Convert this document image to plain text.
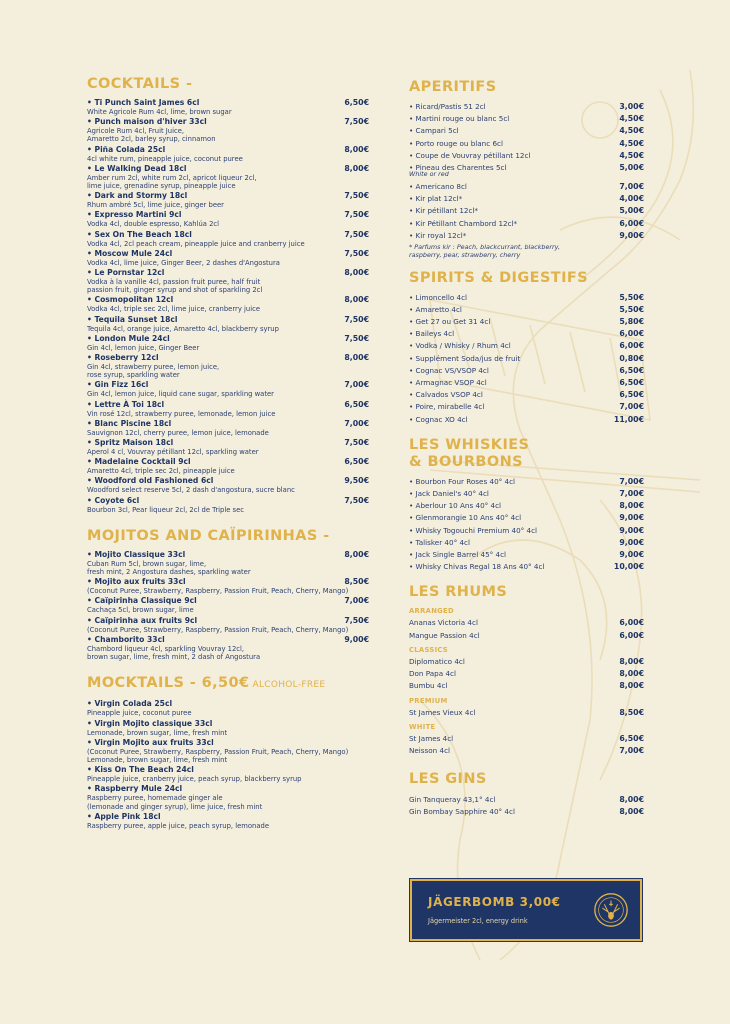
COCKTAILS -
• Ti Punch Saint James 6cl	6,50€
White Agricole Rum 4cl, lime, brown sugar
• Punch maison d'hiver 33cl	7,50€
Agricole Rum 4cl, Fruit Juice,
Amaretto 2cl, barley syrup, cinnamon
• Piña Colada 25cl	8,00€
4cl white rum, pineapple juice, coconut puree
• Le Walking Dead 18cl	8,00€
Amber rum 2cl, white rum 2cl, apricot liqueur 2cl,
lime juice, grenadine syrup, pineapple juice
• Dark and Stormy 18cl	7,50€
Rhum ambré 5cl, lime juice, ginger beer
• Expresso Martini 9cl	7,50€
Vodka 4cl, double espresso, Kahlúa 2cl
• Sex On The Beach 18cl	7,50€
Vodka 4cl, 2cl peach cream, pineapple juice and cranberry juice
• Moscow Mule 24cl	7,50€
Vodka 4cl, lime juice, Ginger Beer, 2 dashes d'Angostura
• Le Pornstar 12cl	8,00€
Vodka à la vanille 4cl, passion fruit puree, half fruit
passion fruit, ginger syrup and shot of sparkling 2cl
• Cosmopolitan 12cl	8,00€
Vodka 4cl, triple sec 2cl, lime juice, cranberry juice
• Tequila Sunset 18cl	7,50€
Tequila 4cl, orange juice, Amaretto 4cl, blackberry syrup
• London Mule 24cl	7,50€
Gin 4cl, lemon juice, Ginger Beer
• Roseberry 12cl	8,00€
Gin 4cl, strawberry puree, lemon juice,
rose syrup, sparkling water
• Gin Fizz 16cl	7,00€
Gin 4cl, lemon juice, liquid cane sugar, sparkling water
• Lettre À Toi 18cl	6,50€
Vin rosé 12cl, strawberry puree, lemonade, lemon juice
• Blanc Piscine 18cl	7,00€
Sauvignon 12cl, cherry puree, lemon juice, lemonade
• Spritz Maison 18cl	7,50€
Aperol 4 cl, Vouvray pétillant 12cl, sparkling water
• Madelaine Cocktail 9cl	6,50€
Amaretto 4cl, triple sec 2cl, pineapple juice
• Woodford old Fashioned 6cl	9,50€
Woodford select reserve 5cl, 2 dash d'angostura, sucre blanc
• Coyote 6cl	7,50€
Bourbon 3cl, Pear liqueur 2cl, 2cl de Triple sec
MOJITOS AND CAÏPIRINHAS -
• Mojito Classique 33cl	8,00€
Cuban Rum 5cl, brown sugar, lime,
fresh mint, 2 Angostura dashes, sparkling water
• Mojito aux fruits 33cl	8,50€
(Coconut Puree, Strawberry, Raspberry, Passion Fruit, Peach, Cherry, Mango)
• Caïpirinha Classique 9cl	7,00€
Cachaça 5cl, brown sugar, lime
• Caïpirinha aux fruits 9cl	7,50€
(Coconut Puree, Strawberry, Raspberry, Passion Fruit, Peach, Cherry, Mango)
• Chamborito 33cl	9,00€
Chambord liqueur 4cl, sparkling Vouvray 12cl,
brown sugar, lime, fresh mint, 2 dash of Angostura
MOCKTAILS - 6,50€ ALCOHOL-FREE
• Virgin Colada 25cl
Pineapple juice, coconut puree
• Virgin Mojito classique 33cl
Lemonade, brown sugar, lime, fresh mint
• Virgin Mojito aux fruits 33cl
(Coconut Puree, Strawberry, Raspberry, Passion Fruit, Peach, Cherry, Mango)
Lemonade, brown sugar, lime, fresh mint
• Kiss On The Beach 24cl
Pineapple juice, cranberry juice, peach syrup, blackberry syrup
• Raspberry Mule 24cl
Raspberry puree, homemade ginger ale
(lemonade and ginger syrup), lime juice, fresh mint
• Apple Pink 18cl
Raspberry puree, apple juice, peach syrup, lemonade
APERITIFS
• Ricard/Pastis 51 2cl	3,00€
• Martini rouge ou blanc 5cl	4,50€
• Campari 5cl	4,50€
• Porto rouge ou blanc 6cl	4,50€
• Coupe de Vouvray pétillant 12cl	4,50€
• Pineau des Charentes 5cl	5,00€
White or red
• Americano 8cl	7,00€
• Kir plat 12cl*	4,00€
• Kir pétillant 12cl*	5,00€
• Kir Pétillant Chambord 12cl*	6,00€
• Kir royal 12cl*	9,00€
* Parfums kir : Peach, blackcurrant, blackberry,
raspberry, pear, strawberry, cherry
SPIRITS & DIGESTIFS
• Limoncello 4cl	5,50€
• Amaretto 4cl	5,50€
• Get 27 ou Get 31 4cl	5,80€
• Baileys 4cl	6,00€
• Vodka / Whisky / Rhum 4cl	6,00€
• Supplément Soda/jus de fruit	0,80€
• Cognac VS/VSOP 4cl	6,50€
• Armagnac VSOP 4cl	6,50€
• Calvados VSOP 4cl	6,50€
• Poire, mirabelle 4cl	7,00€
• Cognac XO 4cl	11,00€
LES WHISKIES
& BOURBONS
• Bourbon Four Roses 40° 4cl	7,00€
• Jack Daniel's 40° 4cl	7,00€
• Aberlour 10 Ans 40° 4cl	8,00€
• Glenmorangie 10 Ans 40° 4cl	9,00€
• Whisky Togouchi Premium 40° 4cl	9,00€
• Talisker 40° 4cl	9,00€
• Jack Single Barrel 45° 4cl	9,00€
• Whisky Chivas Regal 18 Ans 40° 4cl	10,00€
LES RHUMS
ARRANGED
Ananas Victoria 4cl	6,00€
Mangue Passion 4cl	6,00€
CLASSICS
Diplomatico 4cl	8,00€
Don Papa 4cl	8,00€
Bumbu 4cl	8,00€
PREMIUM
St James Vieux 4cl	8,50€
WHITE
St James 4cl	6,50€
Neisson 4cl	7,00€
LES GINS
Gin Tanqueray 43,1° 4cl	8,00€
Gin Bombay Sapphire 40° 4cl	8,00€
JÄGERBOMB 3,00€
Jägermeister 2cl, energy drink
